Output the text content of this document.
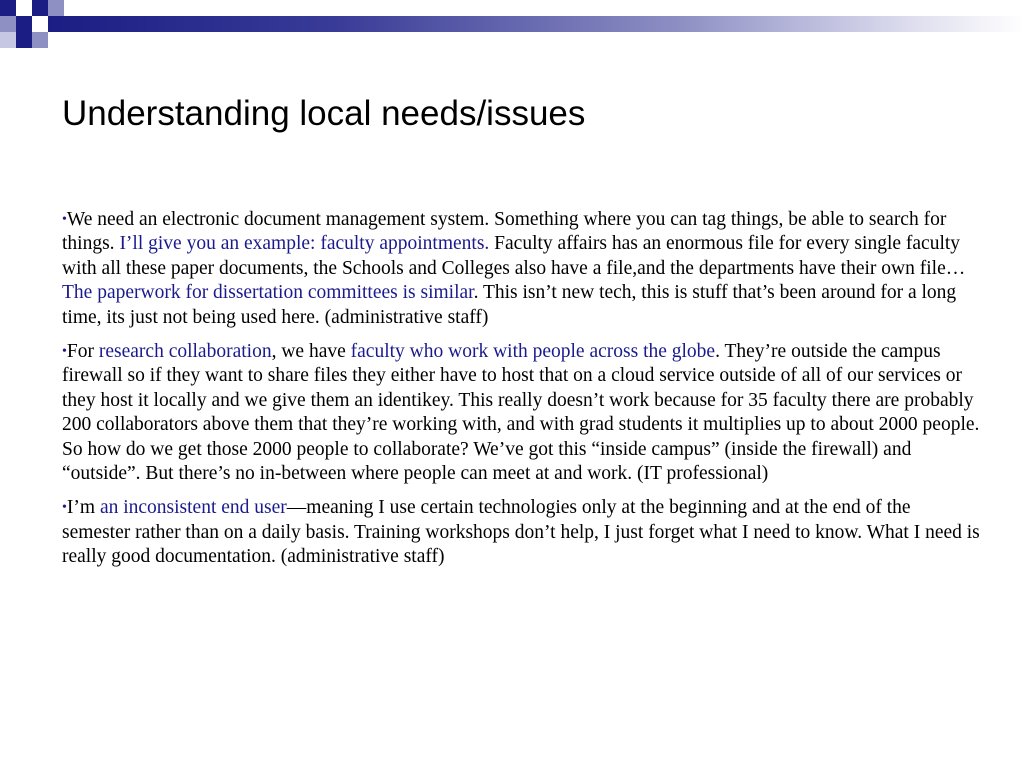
Understanding local needs/issues

•We need an electronic document management system. Something where you can tag things, be able to search for things. I’ll give you an example: faculty appointments. Faculty affairs has an enormous file for every single faculty with all these paper documents, the Schools and Colleges also have a file,and the departments have their own file…The paperwork for dissertation committees is similar. This isn’t new tech, this is stuff that’s been around for a long time, its just not being used here. (administrative staff)

•For research collaboration, we have faculty who work with people across the globe. They’re outside the campus firewall so if they want to share files they either have to host that on a cloud service outside of all of our services or they host it locally and we give them an identikey. This really doesn’t work because for 35 faculty there are probably 200 collaborators above them that they’re working with, and with grad students it multiplies up to about 2000 people. So how do we get those 2000 people to collaborate? We’ve got this “inside campus” (inside the firewall) and “outside”. But there’s no in-between where people can meet at and work. (IT professional)

•I’m an inconsistent end user—meaning I use certain technologies only at the beginning and at the end of the semester rather than on a daily basis. Training workshops don’t help, I just forget what I need to know. What I need is really good documentation. (administrative staff)
